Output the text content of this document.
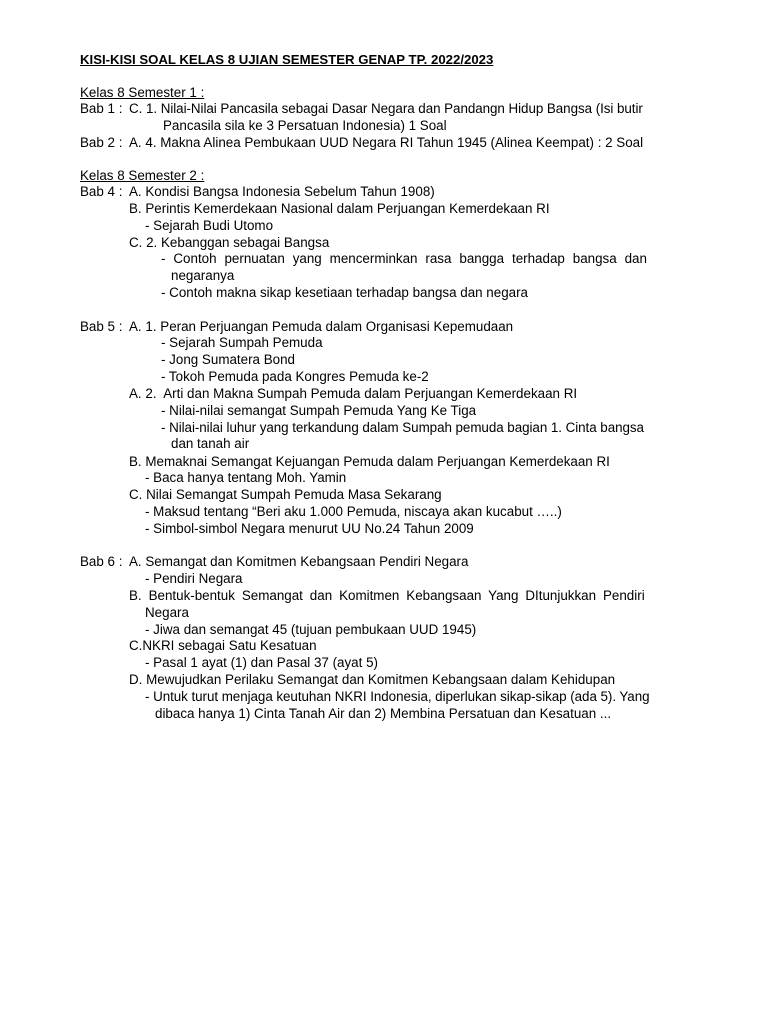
KISI-KISI SOAL KELAS 8 UJIAN SEMESTER GENAP TP. 2022/2023
Kelas 8 Semester 1 :
Bab 1 : C. 1. Nilai-Nilai Pancasila sebagai Dasar Negara dan Pandangn Hidup Bangsa (Isi butir
Pancasila sila ke 3 Persatuan Indonesia) 1 Soal
Bab 2 : A. 4. Makna Alinea Pembukaan UUD Negara RI Tahun 1945 (Alinea Keempat) : 2 Soal
Kelas 8 Semester 2 :
Bab 4 : A. Kondisi Bangsa Indonesia Sebelum Tahun 1908)
B. Perintis Kemerdekaan Nasional dalam Perjuangan Kemerdekaan RI
- Sejarah Budi Utomo
C. 2. Kebanggan sebagai Bangsa
- Contoh pernuatan yang mencerminkan rasa bangga terhadap bangsa dan
negaranya
- Contoh makna sikap kesetiaan terhadap bangsa dan negara
Bab 5 : A. 1. Peran Perjuangan Pemuda dalam Organisasi Kepemudaan
- Sejarah Sumpah Pemuda
- Jong Sumatera Bond
- Tokoh Pemuda pada Kongres Pemuda ke-2
A. 2.  Arti dan Makna Sumpah Pemuda dalam Perjuangan Kemerdekaan RI
- Nilai-nilai semangat Sumpah Pemuda Yang Ke Tiga
- Nilai-nilai luhur yang terkandung dalam Sumpah pemuda bagian 1. Cinta bangsa
dan tanah air
B. Memaknai Semangat Kejuangan Pemuda dalam Perjuangan Kemerdekaan RI
- Baca hanya tentang Moh. Yamin
C. Nilai Semangat Sumpah Pemuda Masa Sekarang
- Maksud tentang “Beri aku 1.000 Pemuda, niscaya akan kucabut …..)
- Simbol-simbol Negara menurut UU No.24 Tahun 2009
Bab 6 : A. Semangat dan Komitmen Kebangsaan Pendiri Negara
- Pendiri Negara
B. Bentuk-bentuk Semangat dan Komitmen Kebangsaan Yang DItunjukkan Pendiri
Negara
- Jiwa dan semangat 45 (tujuan pembukaan UUD 1945)
C.NKRI sebagai Satu Kesatuan
- Pasal 1 ayat (1) dan Pasal 37 (ayat 5)
D. Mewujudkan Perilaku Semangat dan Komitmen Kebangsaan dalam Kehidupan
- Untuk turut menjaga keutuhan NKRI Indonesia, diperlukan sikap-sikap (ada 5). Yang
dibaca hanya 1) Cinta Tanah Air dan 2) Membina Persatuan dan Kesatuan ...
